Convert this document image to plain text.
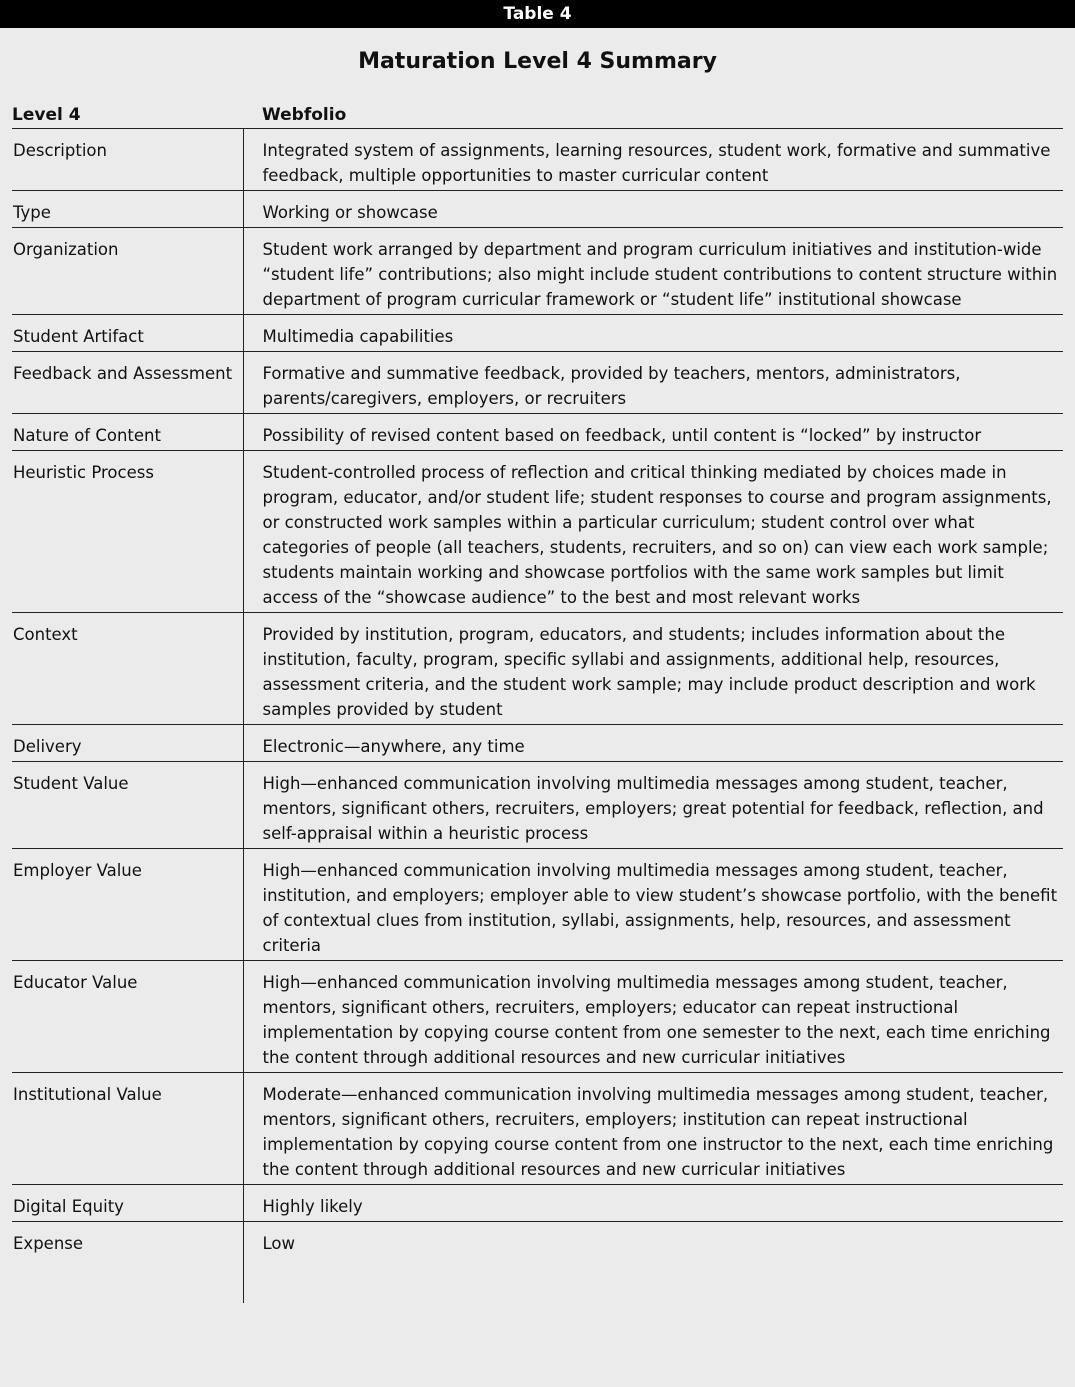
Table 4
Maturation Level 4 Summary
Level 4	Webfolio
Description	Integrated system of assignments, learning resources, student work, formative and summative feedback, multiple opportunities to master curricular content
Type	Working or showcase
Organization	Student work arranged by department and program curriculum initiatives and institution-wide “student life” contributions; also might include student contributions to content structure within department of program curricular framework or “student life” institutional showcase
Student Artifact	Multimedia capabilities
Feedback and Assessment	Formative and summative feedback, provided by teachers, mentors, administrators, parents/caregivers, employers, or recruiters
Nature of Content	Possibility of revised content based on feedback, until content is “locked” by instructor
Heuristic Process	Student-controlled process of reflection and critical thinking mediated by choices made in program, educator, and/or student life; student responses to course and program assignments, or constructed work samples within a particular curriculum; student control over what categories of people (all teachers, students, recruiters, and so on) can view each work sample; students maintain working and showcase portfolios with the same work samples but limit access of the “showcase audience” to the best and most relevant works
Context	Provided by institution, program, educators, and students; includes information about the institution, faculty, program, specific syllabi and assignments, additional help, resources, assessment criteria, and the student work sample; may include product description and work samples provided by student
Delivery	Electronic—anywhere, any time
Student Value	High—enhanced communication involving multimedia messages among student, teacher, mentors, significant others, recruiters, employers; great potential for feedback, reflection, and self-appraisal within a heuristic process
Employer Value	High—enhanced communication involving multimedia messages among student, teacher, institution, and employers; employer able to view student’s showcase portfolio, with the benefit of contextual clues from institution, syllabi, assignments, help, resources, and assessment criteria
Educator Value	High—enhanced communication involving multimedia messages among student, teacher, mentors, significant others, recruiters, employers; educator can repeat instructional implementation by copying course content from one semester to the next, each time enriching the content through additional resources and new curricular initiatives
Institutional Value	Moderate—enhanced communication involving multimedia messages among student, teacher, mentors, significant others, recruiters, employers; institution can repeat instructional implementation by copying course content from one instructor to the next, each time enriching the content through additional resources and new curricular initiatives
Digital Equity	Highly likely
Expense	Low
